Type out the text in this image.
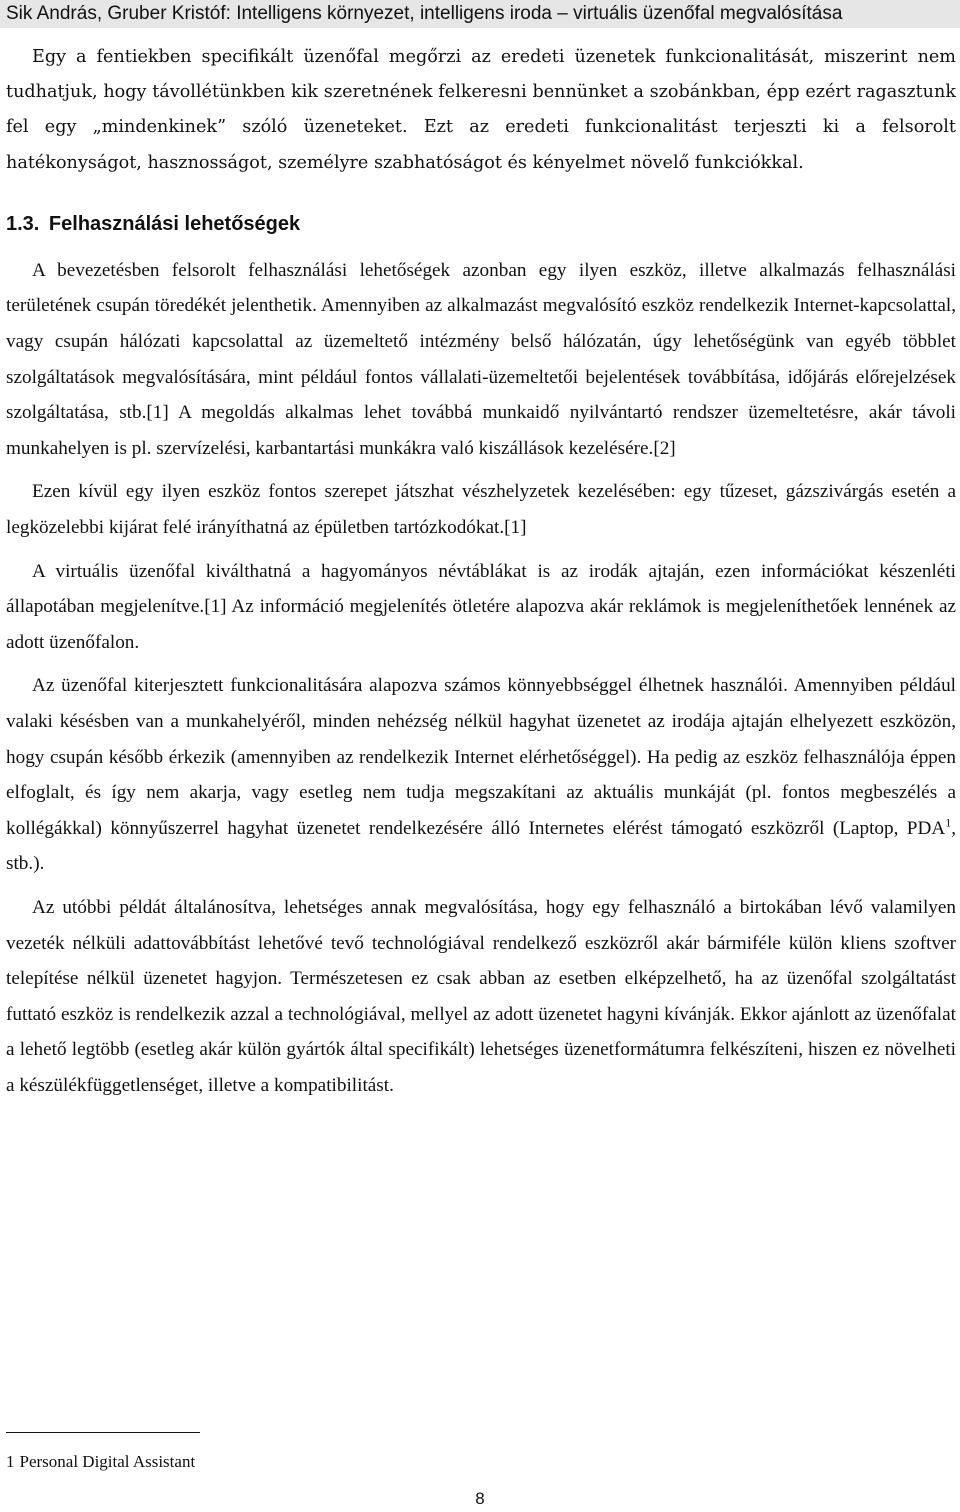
Sik András, Gruber Kristóf: Intelligens környezet, intelligens iroda – virtuális üzenőfal megvalósítása

Egy a fentiekben specifikált üzenőfal megőrzi az eredeti üzenetek funkcionalitását, miszerint nem tudhatjuk, hogy távollétünkben kik szeretnének felkeresni bennünket a szobánkban, épp ezért ragasztunk fel egy „mindenkinek” szóló üzeneteket. Ezt az eredeti funkcionalitást terjeszti ki a felsorolt hatékonyságot, hasznosságot, személyre szabhatóságot és kényelmet növelő funkciókkal.

1.3. Felhasználási lehetőségek

A bevezetésben felsorolt felhasználási lehetőségek azonban egy ilyen eszköz, illetve alkalmazás felhasználási területének csupán töredékét jelenthetik. Amennyiben az alkalmazást megvalósító eszköz rendelkezik Internet-kapcsolattal, vagy csupán hálózati kapcsolattal az üzemeltető intézmény belső hálózatán, úgy lehetőségünk van egyéb többlet szolgáltatások megvalósítására, mint például fontos vállalati-üzemeltetői bejelentések továbbítása, időjárás előrejelzések szolgáltatása, stb.[1] A megoldás alkalmas lehet továbbá munkaidő nyilvántartó rendszer üzemeltetésre, akár távoli munkahelyen is pl. szervízelési, karbantartási munkákra való kiszállások kezelésére.[2]

Ezen kívül egy ilyen eszköz fontos szerepet játszhat vészhelyzetek kezelésében: egy tűzeset, gázszivárgás esetén a legközelebbi kijárat felé irányíthatná az épületben tartózkodókat.[1]

A virtuális üzenőfal kiválthatná a hagyományos névtáblákat is az irodák ajtaján, ezen információkat készenléti állapotában megjelenítve.[1] Az információ megjelenítés ötletére alapozva akár reklámok is megjeleníthetőek lennének az adott üzenőfalon.

Az üzenőfal kiterjesztett funkcionalitására alapozva számos könnyebbséggel élhetnek használói. Amennyiben például valaki késésben van a munkahelyéről, minden nehézség nélkül hagyhat üzenetet az irodája ajtaján elhelyezett eszközön, hogy csupán később érkezik (amennyiben az rendelkezik Internet elérhetőséggel). Ha pedig az eszköz felhasználója éppen elfoglalt, és így nem akarja, vagy esetleg nem tudja megszakítani az aktuális munkáját (pl. fontos megbeszélés a kollégákkal) könnyűszerrel hagyhat üzenetet rendelkezésére álló Internetes elérést támogató eszközről (Laptop, PDA$^1$, stb.).

Az utóbbi példát általánosítva, lehetséges annak megvalósítása, hogy egy felhasználó a birtokában lévő valamilyen vezeték nélküli adattovábbítást lehetővé tevő technológiával rendelkező eszközről akár bármiféle külön kliens szoftver telepítése nélkül üzenetet hagyjon. Természetesen ez csak abban az esetben elképzelhető, ha az üzenőfal szolgáltatást futtató eszköz is rendelkezik azzal a technológiával, mellyel az adott üzenetet hagyni kívánják. Ekkor ajánlott az üzenőfalat a lehető legtöbb (esetleg akár külön gyártók által specifikált) lehetséges üzenetformátumra felkészíteni, hiszen ez növelheti a készülékfüggetlenséget, illetve a kompatibilitást.

1 Personal Digital Assistant
8
